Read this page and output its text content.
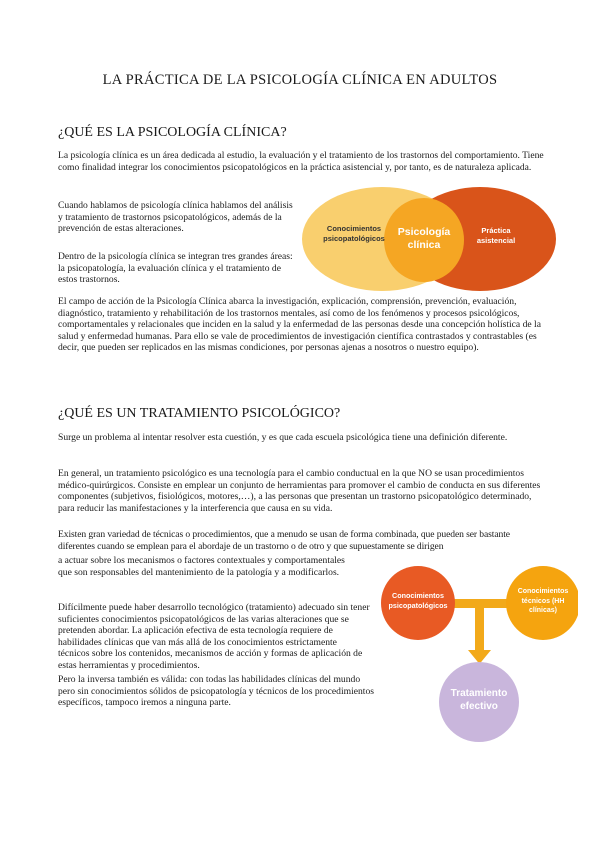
LA PRÁCTICA DE LA PSICOLOGÍA CLÍNICA EN ADULTOS
¿QUÉ ES LA PSICOLOGÍA CLÍNICA?

La psicología clínica es un área dedicada al estudio, la evaluación y el tratamiento de los trastornos del comportamiento. Tiene como finalidad integrar los conocimientos psicopatológicos en la práctica asistencial y, por tanto, es de naturaleza aplicada.

Cuando hablamos de psicología clínica hablamos del análisis y tratamiento de trastornos psicopatológicos, además de la prevención de estas alteraciones.

Dentro de la psicología clínica se integran tres grandes áreas: la psicopatología, la evaluación clínica y el tratamiento de estos trastornos.

El campo de acción de la Psicología Clínica abarca la investigación, explicación, comprensión, prevención, evaluación, diagnóstico, tratamiento y rehabilitación de los trastornos mentales, así como de los fenómenos y procesos psicológicos, comportamentales y relacionales que inciden en la salud y la enfermedad de las personas desde una concepción holística de la salud y enfermedad humanas. Para ello se vale de procedimientos de investigación científica contrastados y contrastables (es decir, que pueden ser replicados en las mismas condiciones, por personas ajenas a nosotros o nuestro equipo).

Conocimientos psicopatológicos
Psicología clínica
Práctica asistencial
¿QUÉ ES UN TRATAMIENTO PSICOLÓGICO?

Surge un problema al intentar resolver esta cuestión, y es que cada escuela psicológica tiene una definición diferente.

En general, un tratamiento psicológico es una tecnología para el cambio conductual en la que NO se usan procedimientos médico-quirúrgicos. Consiste en emplear un conjunto de herramientas para promover el cambio de conducta en sus diferentes componentes (subjetivos, fisiológicos, motores,…), a las personas que presentan un trastorno psicopatológico determinado, para reducir las manifestaciones y la interferencia que causa en su vida.

Existen gran variedad de técnicas o procedimientos, que a menudo se usan de forma combinada, que pueden ser bastante diferentes cuando se emplean para el abordaje de un trastorno o de otro y que supuestamente se dirigen

a actuar sobre los mecanismos o factores contextuales y comportamentales que son responsables del mantenimiento de la patología y a modificarlos.

Difícilmente puede haber desarrollo tecnológico (tratamiento) adecuado sin tener suficientes conocimientos psicopatológicos de las varias alteraciones que se pretenden abordar. La aplicación efectiva de esta tecnología requiere de habilidades clínicas que van más allá de los conocimientos estrictamente técnicos sobre los contenidos, mecanismos de acción y formas de aplicación de estas herramientas y procedimientos.

Pero la inversa también es válida: con todas las habilidades clínicas del mundo pero sin conocimientos sólidos de psicopatología y técnicos de los procedimientos específicos, tampoco iremos a ninguna parte.

Conocimientos psicopatológicos
Conocimientos técnicos (HH clínicas)
Tratamiento efectivo
